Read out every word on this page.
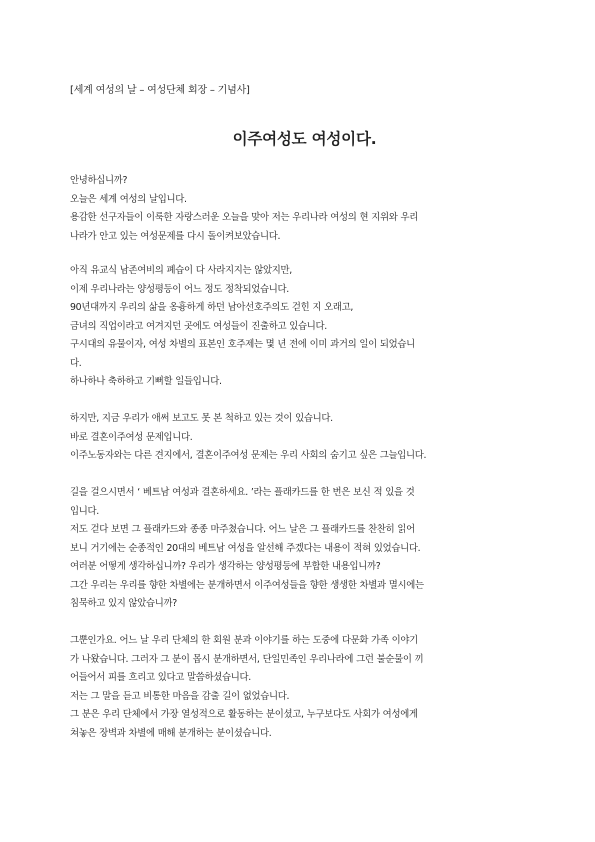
[세계 여성의 날 – 여성단체 회장 – 기념사]
이주여성도 여성이다.
안녕하십니까?
오늘은 세계 여성의 날입니다.
용감한 선구자들이 이룩한 자랑스러운 오늘을 맞아 저는 우리나라 여성의 현 지위와 우리
나라가 안고 있는 여성문제를 다시 돌이켜보았습니다.
아직 유교식 남존여비의 폐습이 다 사라지지는 않았지만,
이제 우리나라는 양성평등이 어느 정도 정착되었습니다.
90년대까지 우리의 삶을 옹흉하게 하던 남아선호주의도 걷힌 지 오래고,
금녀의 직업이라고 여겨지던 곳에도 여성들이 진출하고 있습니다.
구시대의 유물이자, 여성 차별의 표본인 호주제는 몇 년 전에 이미 과거의 일이 되었습니
다.
하나하나 축하하고 기뻐할 일들입니다.
하지만, 지금 우리가 애써 보고도 못 본 척하고 있는 것이 있습니다.
바로 결혼이주여성 문제입니다.
이주노동자와는 다른 견지에서, 결혼이주여성 문제는 우리 사회의 숨기고 싶은 그늘입니다.
길을 걸으시면서 ‘ 베트남 여성과 결혼하세요. ’라는 플래카드를 한 번은 보신 적 있을 것
입니다.
저도 걷다 보면 그 플래카드와 종종 마주쳤습니다. 어느 날은 그 플래카드를 찬찬히 읽어
보니 거기에는 순종적인 20대의 베트남 여성을 알선해 주겠다는 내용이 적혀 있었습니다.
여러분 어떻게 생각하십니까? 우리가 생각하는 양성평등에 부합한 내용입니까?
그간 우리는 우리를 향한 차별에는 분개하면서 이주여성들을 향한 생생한 차별과 멸시에는
침묵하고 있지 않았습니까?
그뿐인가요. 어느 날 우리 단체의 한 회원 분과 이야기를 하는 도중에 다문화 가족 이야기
가 나왔습니다. 그러자 그 분이 몹시 분개하면서, 단일민족인 우리나라에 그런 불순물이 끼
어들어서 피를 흐리고 있다고 말씀하셨습니다.
저는 그 말을 듣고 비통한 마음을 감출 길이 없었습니다.
그 분은 우리 단체에서 가장 열성적으로 활동하는 분이셨고, 누구보다도 사회가 여성에게
쳐놓은 장벽과 차별에 매해 분개하는 분이셨습니다.
